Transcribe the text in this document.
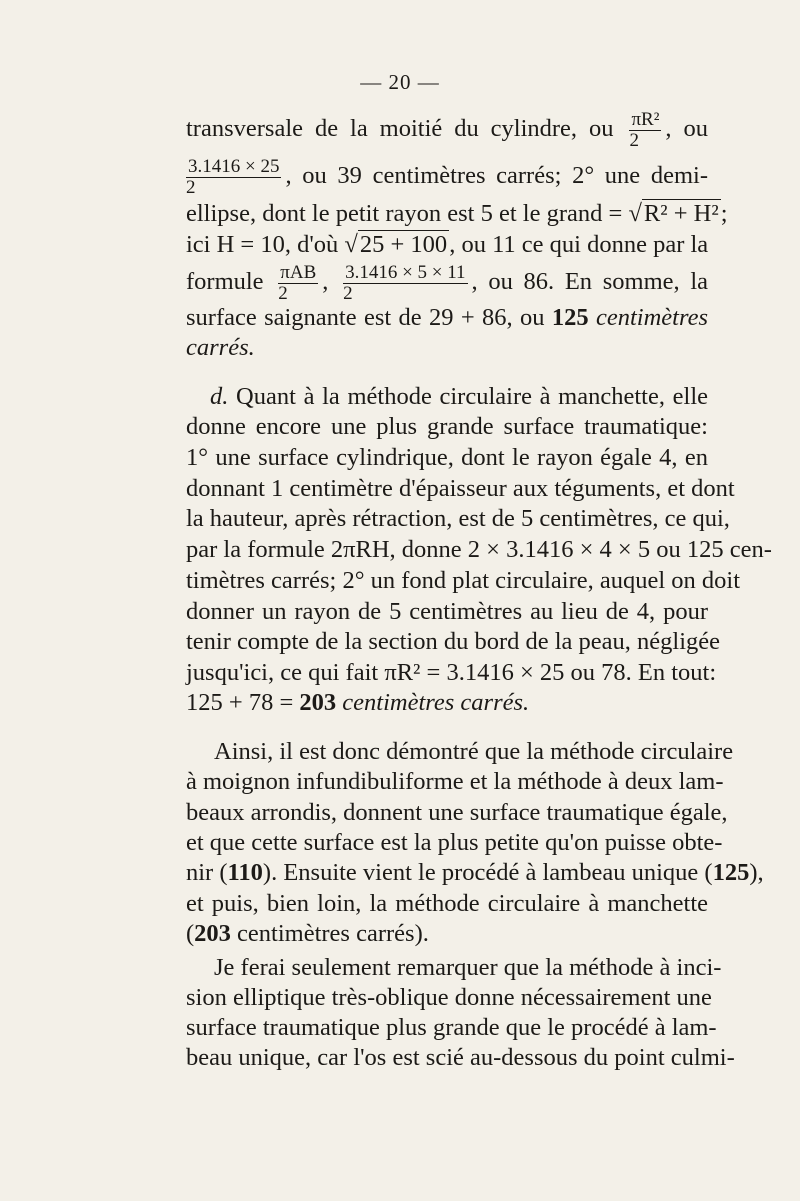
— 20 —
transversale de la moitié du cylindre, ou $\frac{\text{πR²}}{2}$ , ou
$\frac{3.1416 \times 25}{2}$ , ou 39 centimètres carrés; 2° une demi-
ellipse, dont le petit rayon est 5 et le grand = √R² + H²;
ici H = 10, d'où √25 + 100, ou 11 ce qui donne par la
formule $\frac{\text{πAB}}{2}$ , $\frac{3.1416 \times 5 \times 11}{2}$ , ou 86. En somme, la
surface saignante est de 29 + 86, ou 125 centimètres
carrés.
d. Quant à la méthode circulaire à manchette, elle
donne encore une plus grande surface traumatique:
1° une surface cylindrique, dont le rayon égale 4, en
donnant 1 centimètre d'épaisseur aux téguments, et dont
la hauteur, après rétraction, est de 5 centimètres, ce qui,
par la formule 2πRH, donne 2 × 3.1416 × 4 × 5 ou 125 cen-
timètres carrés; 2° un fond plat circulaire, auquel on doit
donner un rayon de 5 centimètres au lieu de 4, pour
tenir compte de la section du bord de la peau, négligée
jusqu'ici, ce qui fait πR² = 3.1416 × 25 ou 78. En tout:
125 + 78 = 203 centimètres carrés.
Ainsi, il est donc démontré que la méthode circulaire
à moignon infundibuliforme et la méthode à deux lam-
beaux arrondis, donnent une surface traumatique égale,
et que cette surface est la plus petite qu'on puisse obte-
nir (110). Ensuite vient le procédé à lambeau unique (125),
et puis, bien loin, la méthode circulaire à manchette
(203 centimètres carrés).
Je ferai seulement remarquer que la méthode à inci-
sion elliptique très-oblique donne nécessairement une
surface traumatique plus grande que le procédé à lam-
beau unique, car l'os est scié au-dessous du point culmi-
